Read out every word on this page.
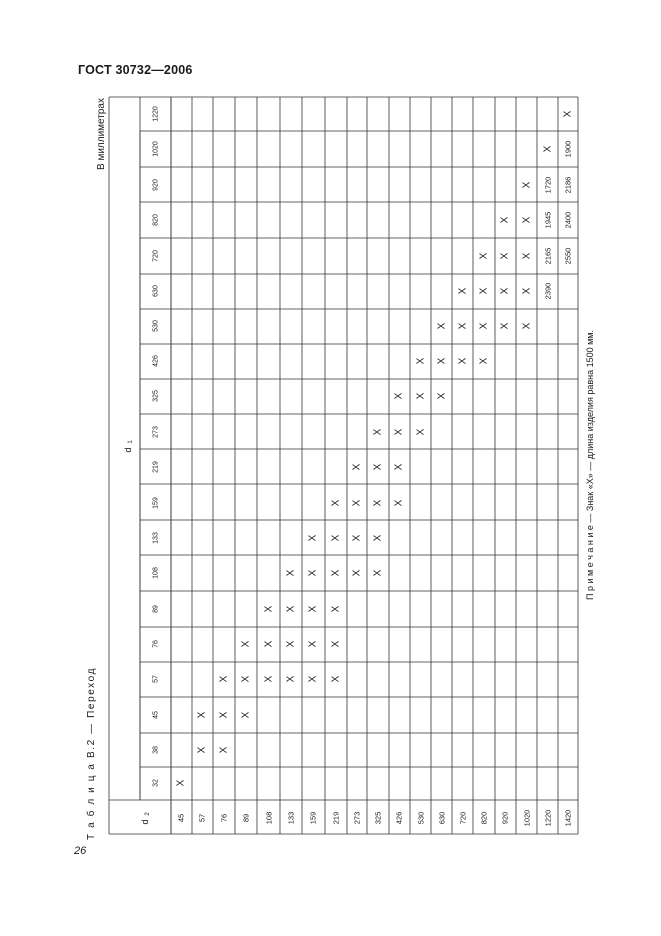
ГОСТ 30732—2006
26
Т а б л и ц а В.2 — Переход
В миллиметрах
d
1
d
2
32
38
45
57
76
89
108
133
159
219
273
325
426
530
630
720
820
920
1020
1220
45
X
57
X
X
76
X
X
X
89
X
X
X
108
X
X
X
133
X
X
X
X
159
X
X
X
X
X
219
X
X
X
X
X
X
273
X
X
X
X
325
X
X
X
X
X
426
X
X
X
X
530
X
X
X
630
X
X
X
720
X
X
X
820
X
X
X
X
920
X
X
X
X
1020
X
X
X
X
X
1220
2390
2165
1945
1720
X
1420
2550
2400
2186
1900
X
П р и м е ч а н и е — Знак «Х» — длина изделия равна 1500 мм.
